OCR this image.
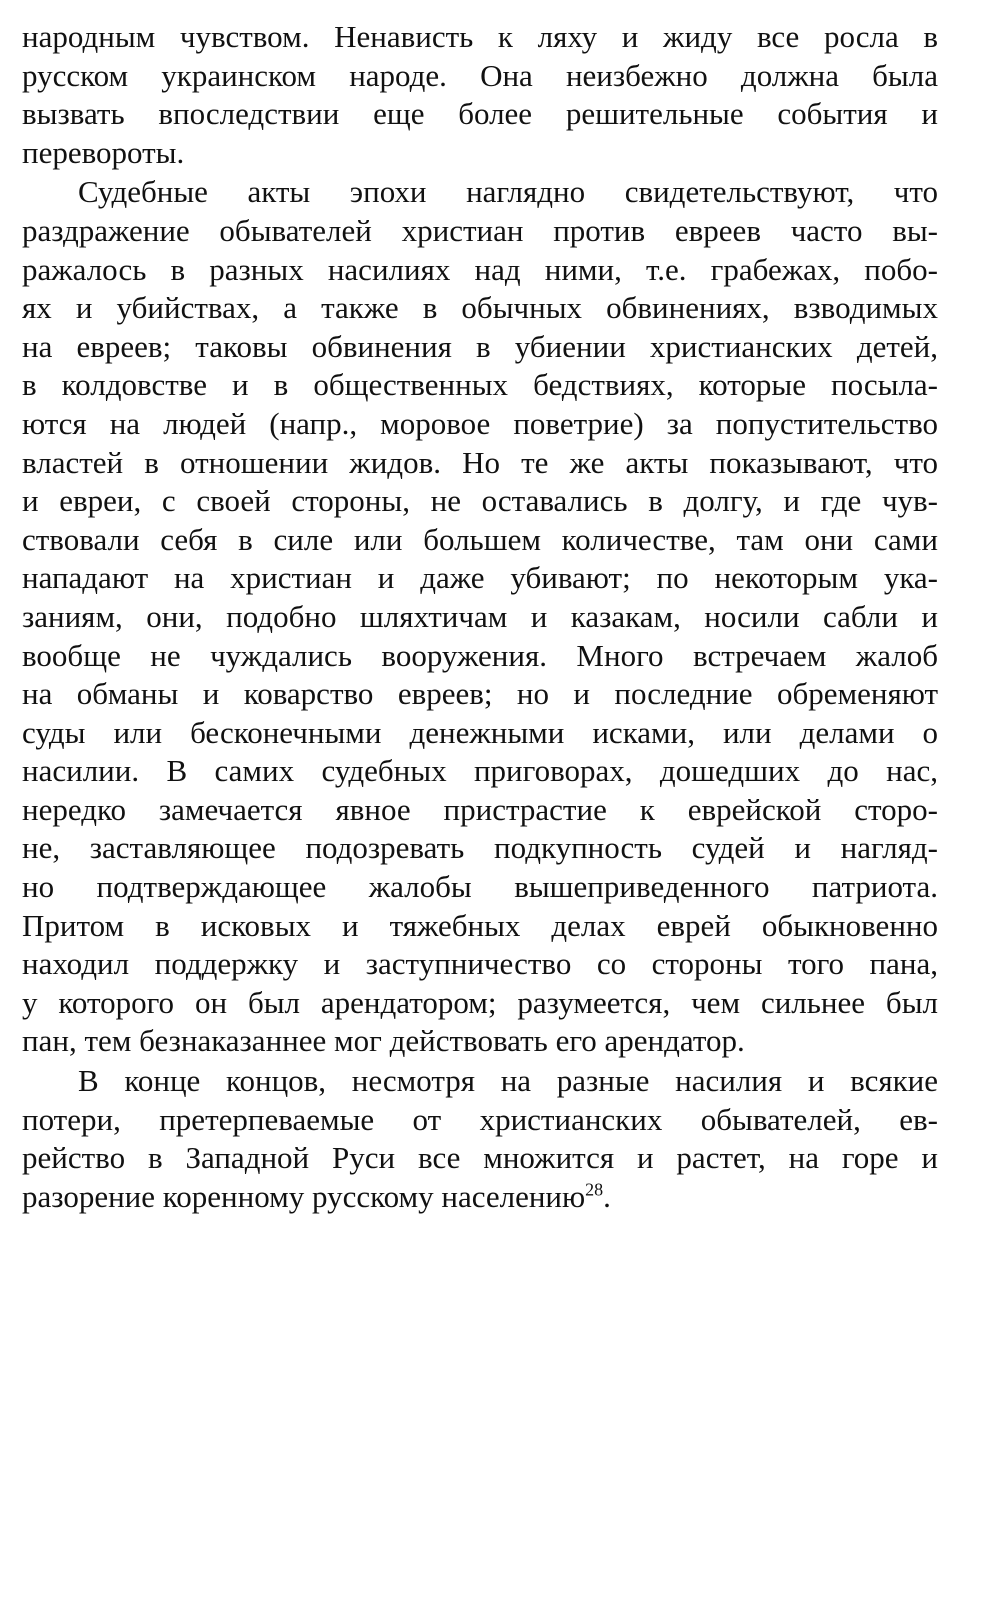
народным чувством. Ненависть к ляху и жиду все росла в
русском украинском народе. Она неизбежно должна была
вызвать впоследствии еще более решительные события и
перевороты.
Судебные акты эпохи наглядно свидетельствуют, что
раздражение обывателей христиан против евреев часто вы-
ражалось в разных насилиях над ними, т.е. грабежах, побо-
ях и убийствах, а также в обычных обвинениях, взводимых
на евреев; таковы обвинения в убиении христианских детей,
в колдовстве и в общественных бедствиях, которые посыла-
ются на людей (напр., моровое поветрие) за попустительство
властей в отношении жидов. Но те же акты показывают, что
и евреи, с своей стороны, не оставались в долгу, и где чув-
ствовали себя в силе или большем количестве, там они сами
нападают на христиан и даже убивают; по некоторым ука-
заниям, они, подобно шляхтичам и казакам, носили сабли и
вообще не чуждались вооружения. Много встречаем жалоб
на обманы и коварство евреев; но и последние обременяют
суды или бесконечными денежными исками, или делами о
насилии. В самих судебных приговорах, дошедших до нас,
нередко замечается явное пристрастие к еврейской сторо-
не, заставляющее подозревать подкупность судей и нагляд-
но подтверждающее жалобы вышеприведенного патриота.
Притом в исковых и тяжебных делах еврей обыкновенно
находил поддержку и заступничество со стороны того пана,
у которого он был арендатором; разумеется, чем сильнее был
пан, тем безнаказаннее мог действовать его арендатор.
В конце концов, несмотря на разные насилия и всякие
потери, претерпеваемые от христианских обывателей, ев-
рейство в Западной Руси все множится и растет, на горе и
разорение коренному русскому населению$^{28}$.
